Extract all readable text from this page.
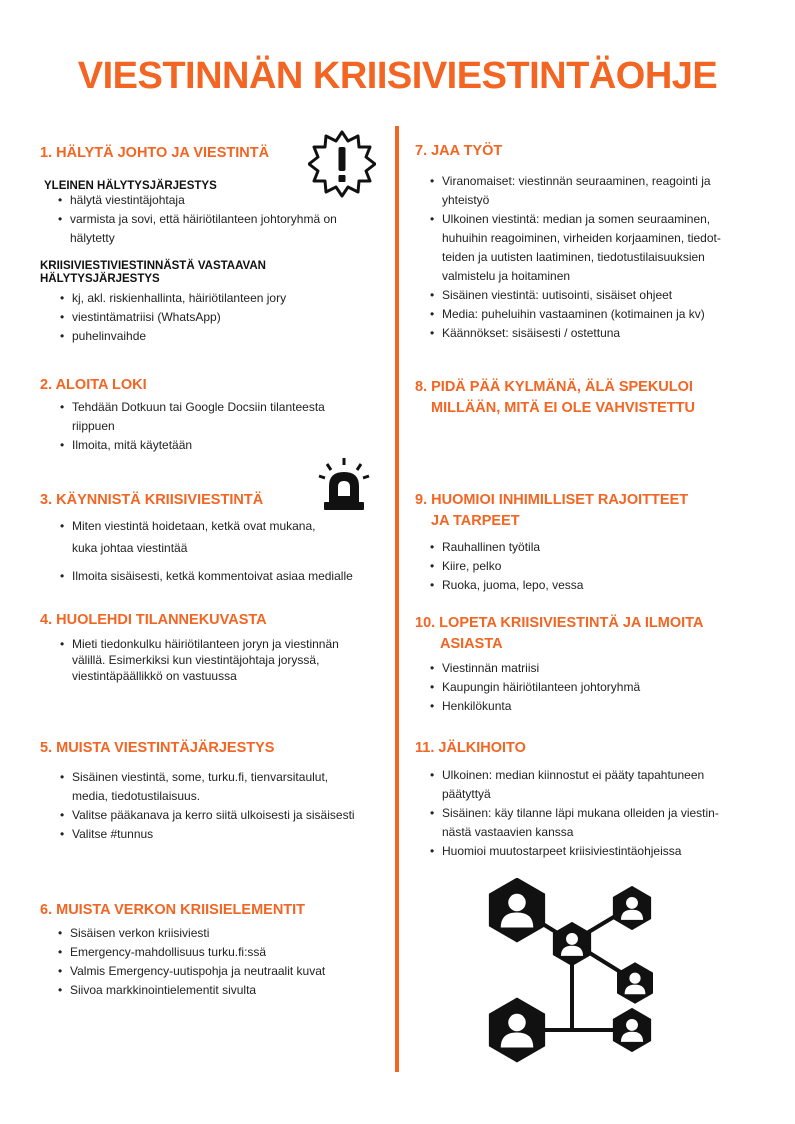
VIESTINNÄN KRIISIVIESTINTÄOHJE
1. HÄLYTÄ JOHTO JA VIESTINTÄ
YLEINEN HÄLYTYSJÄRJESTYS
• hälytä viestintäjohtaja
• varmista ja sovi, että häiriötilanteen johtoryhmä on
hälytetty
KRIISIVIESTIVIESTINNÄSTÄ VASTAAVAN
HÄLYTYSJÄRJESTYS
• kj, akl. riskienhallinta, häiriötilanteen jory
• viestintämatriisi (WhatsApp)
• puhelinvaihde
2. ALOITA LOKI
• Tehdään Dotkuun tai Google Docsiin tilanteesta
riippuen
• Ilmoita, mitä käytetään
3. KÄYNNISTÄ KRIISIVIESTINTÄ
• Miten viestintä hoidetaan, ketkä ovat mukana,
kuka johtaa viestintää
• Ilmoita sisäisesti, ketkä kommentoivat asiaa medialle
4. HUOLEHDI TILANNEKUVASTA
• Mieti tiedonkulku häiriötilanteen joryn ja viestinnän
välillä. Esimerkiksi kun viestintäjohtaja joryssä,
viestintäpäällikkö on vastuussa
5. MUISTA VIESTINTÄJÄRJESTYS
• Sisäinen viestintä, some, turku.fi, tienvarsitaulut,
media, tiedotustilaisuus.
• Valitse pääkanava ja kerro siitä ulkoisesti ja sisäisesti
• Valitse #tunnus
6. MUISTA VERKON KRIISIELEMENTIT
• Sisäisen verkon kriisiviesti
• Emergency-mahdollisuus turku.fi:ssä
• Valmis Emergency-uutispohja ja neutraalit kuvat
• Siivoa markkinointielementit sivulta
7. JAA TYÖT
• Viranomaiset: viestinnän seuraaminen, reagointi ja
yhteistyö
• Ulkoinen viestintä: median ja somen seuraaminen,
huhuihin reagoiminen, virheiden korjaaminen, tiedot-
teiden ja uutisten laatiminen, tiedotustilaisuuksien
valmistelu ja hoitaminen
• Sisäinen viestintä: uutisointi, sisäiset ohjeet
• Media: puheluihin vastaaminen (kotimainen ja kv)
• Käännökset: sisäisesti / ostettuna
8. PIDÄ PÄÄ KYLMÄNÄ, ÄLÄ SPEKULOI
MILLÄÄN, MITÄ EI OLE VAHVISTETTU
9. HUOMIOI INHIMILLISET RAJOITTEET
JA TARPEET
• Rauhallinen työtila
• Kiire, pelko
• Ruoka, juoma, lepo, vessa
10. LOPETA KRIISIVIESTINTÄ JA ILMOITA
ASIASTA
• Viestinnän matriisi
• Kaupungin häiriötilanteen johtoryhmä
• Henkilökunta
11. JÄLKIHOITO
• Ulkoinen: median kiinnostut ei pääty tapahtuneen
päätyttyä
• Sisäinen: käy tilanne läpi mukana olleiden ja viestin-
nästä vastaavien kanssa
• Huomioi muutostarpeet kriisiviestintäohjeissa
